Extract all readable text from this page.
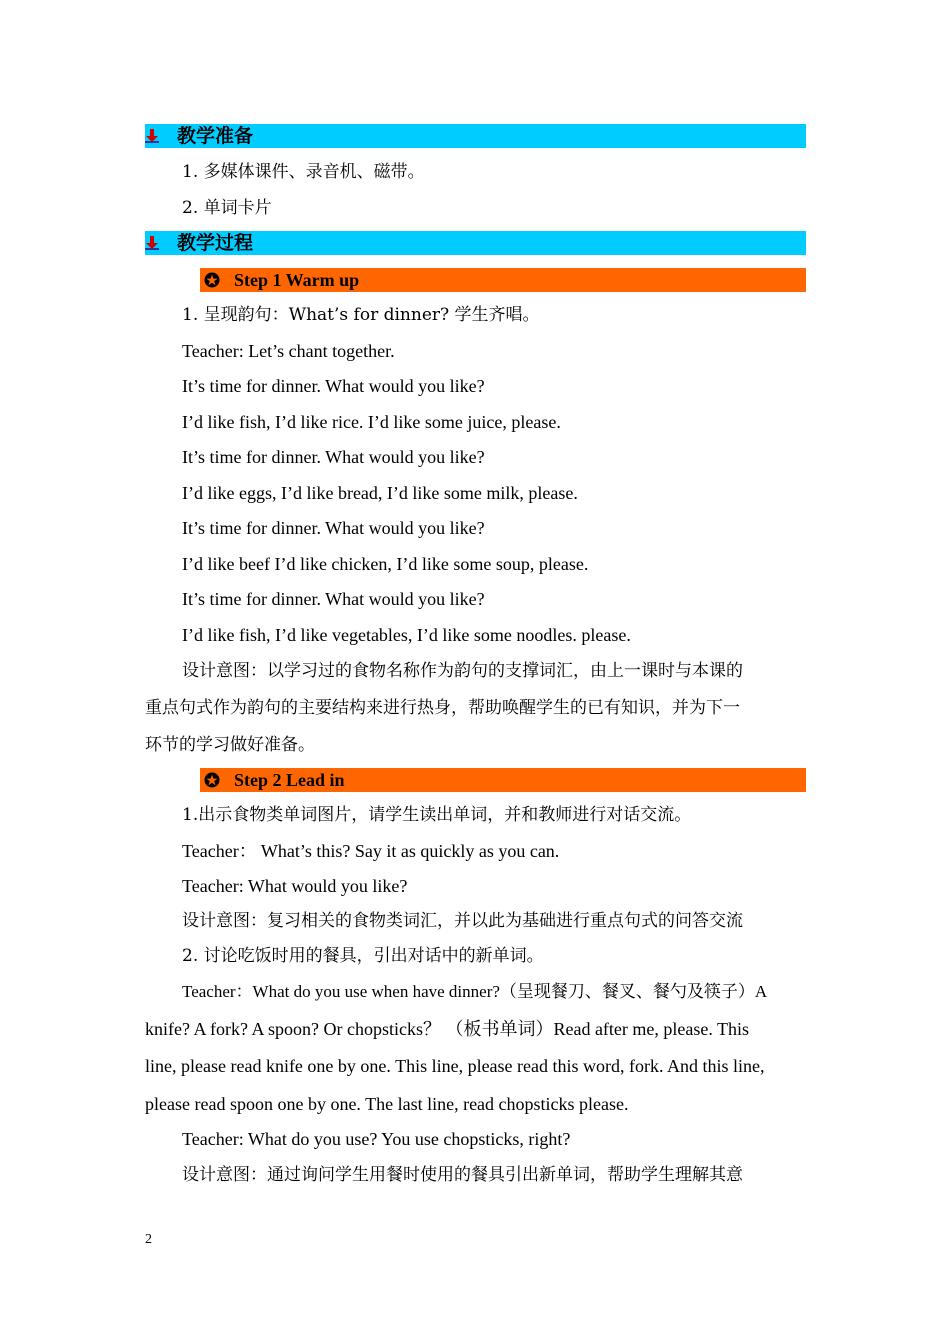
教学准备
1. 多媒体课件、录音机、磁带。
2. 单词卡片
教学过程
Step 1 Warm up
1. 呈现韵句：What’s for dinner? 学生齐唱。
Teacher: Let’s chant together.
It’s time for dinner. What would you like?
I’d like fish, I’d like rice. I’d like some juice, please.
It’s time for dinner. What would you like?
I’d like eggs, I’d like bread, I’d like some milk, please.
It’s time for dinner. What would you like?
I’d like beef I’d like chicken, I’d like some soup, please.
It’s time for dinner. What would you like?
I’d like fish, I’d like vegetables, I’d like some noodles. please.
设计意图：以学习过的食物名称作为韵句的支撑词汇，由上一课时与本课的
重点句式作为韵句的主要结构来进行热身，帮助唤醒学生的已有知识，并为下一
环节的学习做好准备。
Step 2 Lead in
1.出示食物类单词图片，请学生读出单词，并和教师进行对话交流。
Teacher： What’s this? Say it as quickly as you can.
Teacher: What would you like?
设计意图：复习相关的食物类词汇，并以此为基础进行重点句式的问答交流
2. 讨论吃饭时用的餐具，引出对话中的新单词。
Teacher：What do you use when have dinner?（呈现餐刀、餐叉、餐勺及筷子）A
knife? A fork? A spoon? Or chopsticks？ （板书单词）Read after me, please. This
line, please read knife one by one. This line, please read this word, fork. And this line,
please read spoon one by one. The last line, read chopsticks please.
Teacher: What do you use? You use chopsticks, right?
设计意图：通过询问学生用餐时使用的餐具引出新单词，帮助学生理解其意
2
